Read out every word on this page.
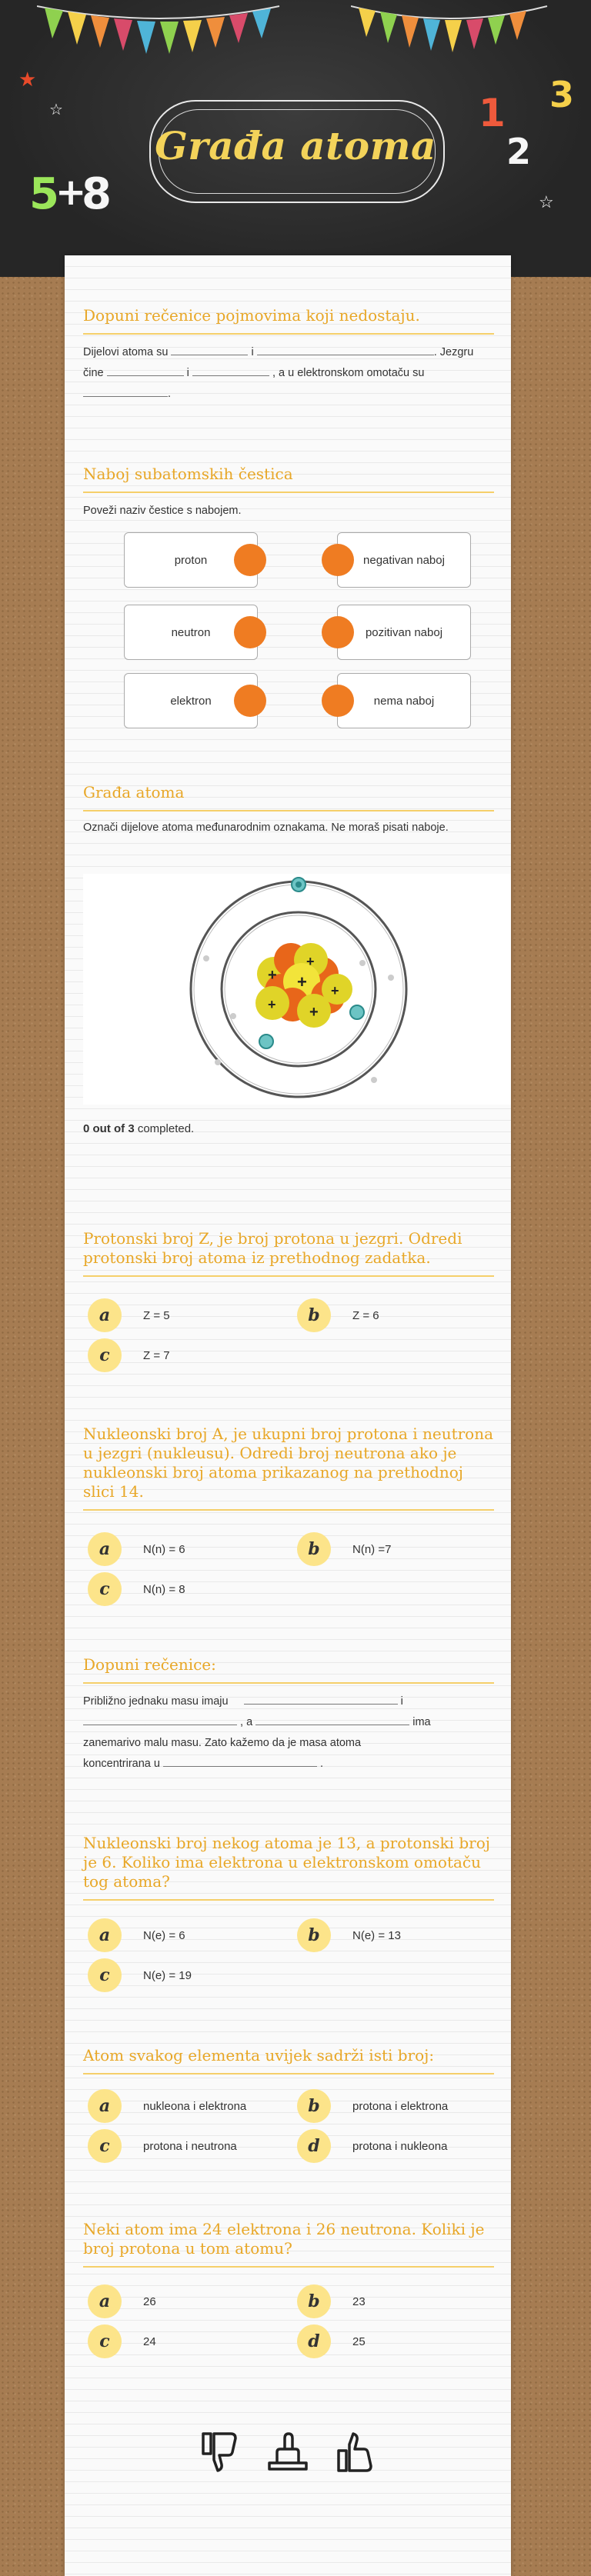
★
☆
☆
5
+
8
1
2
3
Građa atoma
Dopuni rečenice pojmovima koji nedostaju.
Dijelovi atoma su	i	. Jezgru
čine	i	, a u elektronskom omotaču su
.
Naboj subatomskih čestica
Poveži naziv čestice s nabojem.
proton	negativan naboj
neutron	pozitivan naboj
elektron	nema naboj
Građa atoma
Označi dijelove atoma međunarodnim oznakama. Ne moraš pisati naboje.
+
+
+
+
+
+
0 out of 3 completed.
Protonski broj Z, je broj protona u jezgri. Odredi protonski broj atoma iz prethodnog zadatka.
a	Z = 5	b	Z = 6
c	Z = 7
Nukleonski broj A, je ukupni broj protona i neutrona u jezgri (nukleusu). Odredi broj neutrona ako je nukleonski broj atoma prikazanog na prethodnoj slici 14.
a	N(n) = 6	b	N(n) =7
c	N(n) = 8
Dopuni rečenice:
Približno jednaku masu imaju	i
, a	ima
zanemarivo malu masu. Zato kažemo da je masa atoma
koncentrirana u	.
Nukleonski broj nekog atoma je 13, a protonski broj je 6. Koliko ima elektrona u elektronskom omotaču tog atoma?
a	N(e) = 6	b	N(e) = 13
c	N(e) = 19
Atom svakog elementa uvijek sadrži isti broj:
a	nukleona i elektrona	b	protona i elektrona
c	protona i neutrona	d	protona i nukleona
Neki atom ima 24 elektrona i 26 neutrona. Koliki je broj protona u tom atomu?
a	26	b	23
c	24	d	25
